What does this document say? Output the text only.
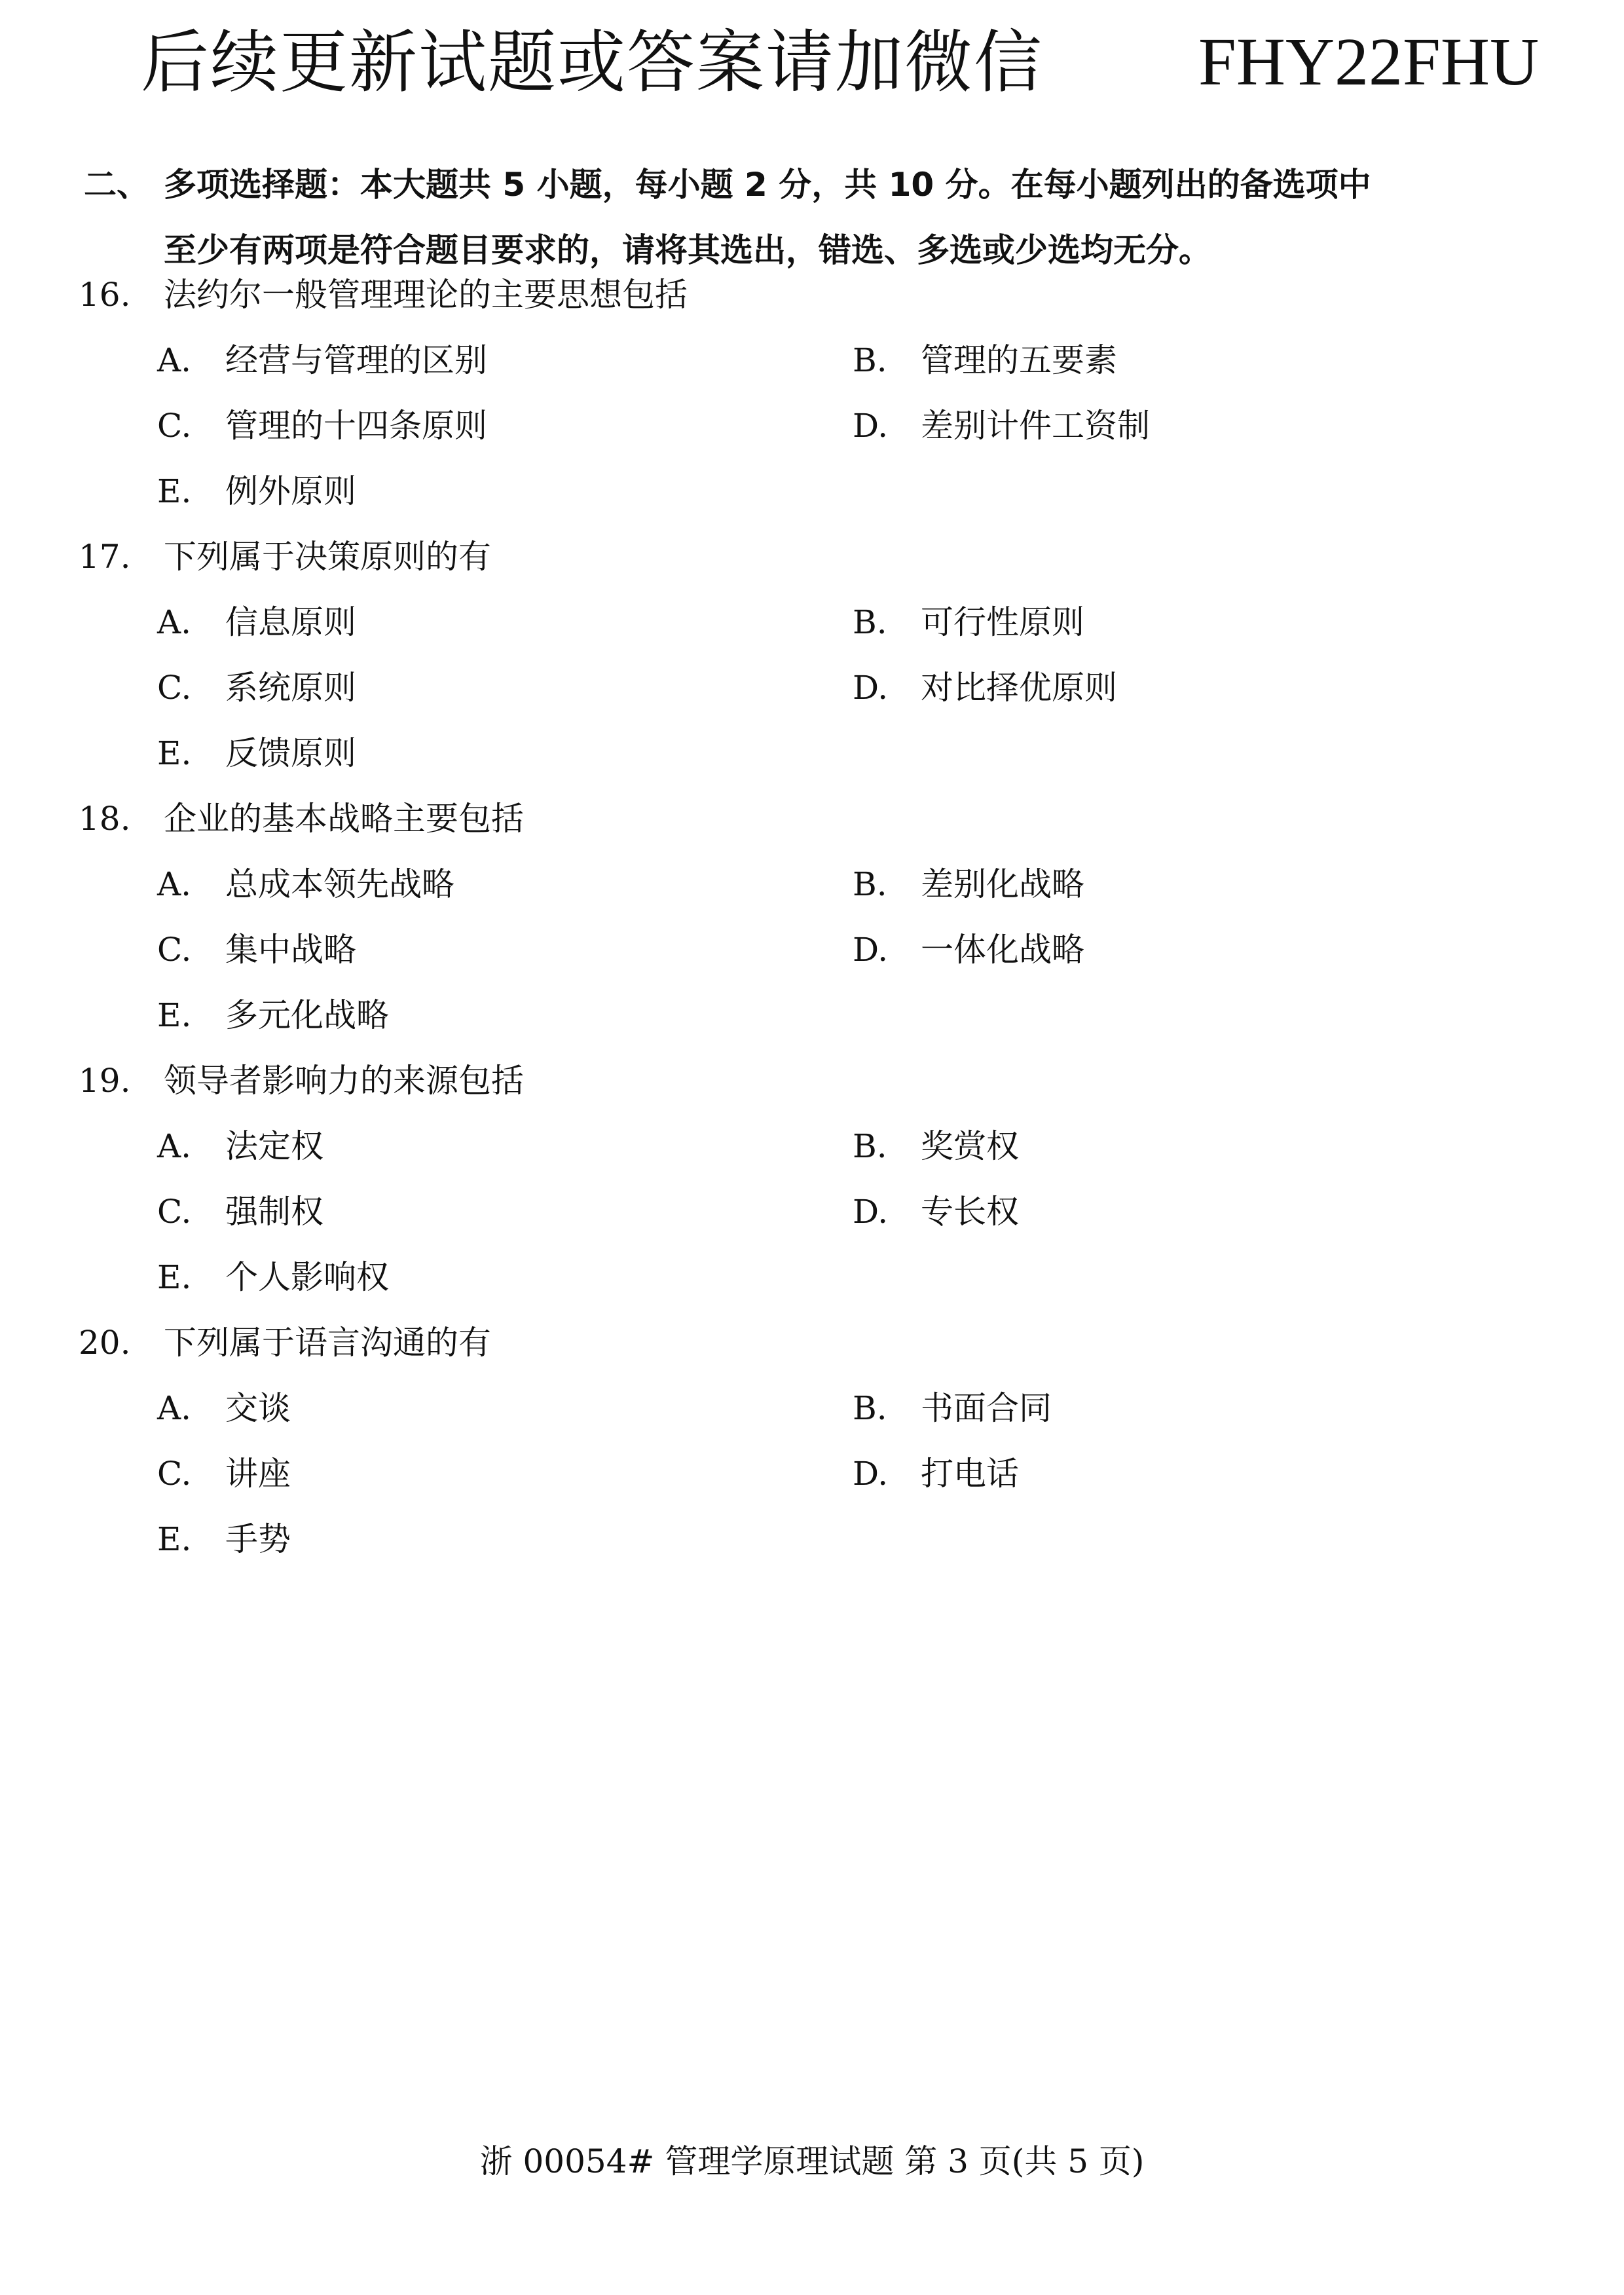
后续更新试题或答案请加微信 FHY22FHU
二、 多项选择题：本大题共 5 小题，每小题 2 分，共 10 分。在每小题列出的备选项中
至少有两项是符合题目要求的，请将其选出，错选、多选或少选均无分。
16. 法约尔一般管理理论的主要思想包括
A. 经营与管理的区别	B. 管理的五要素
C. 管理的十四条原则	D. 差别计件工资制
E. 例外原则
17. 下列属于决策原则的有
A. 信息原则	B. 可行性原则
C. 系统原则	D. 对比择优原则
E. 反馈原则
18. 企业的基本战略主要包括
A. 总成本领先战略	B. 差别化战略
C. 集中战略	D. 一体化战略
E. 多元化战略
19. 领导者影响力的来源包括
A. 法定权	B. 奖赏权
C. 强制权	D. 专长权
E. 个人影响权
20. 下列属于语言沟通的有
A. 交谈	B. 书面合同
C. 讲座	D. 打电话
E. 手势
浙 00054# 管理学原理试题 第 3 页(共 5 页)
